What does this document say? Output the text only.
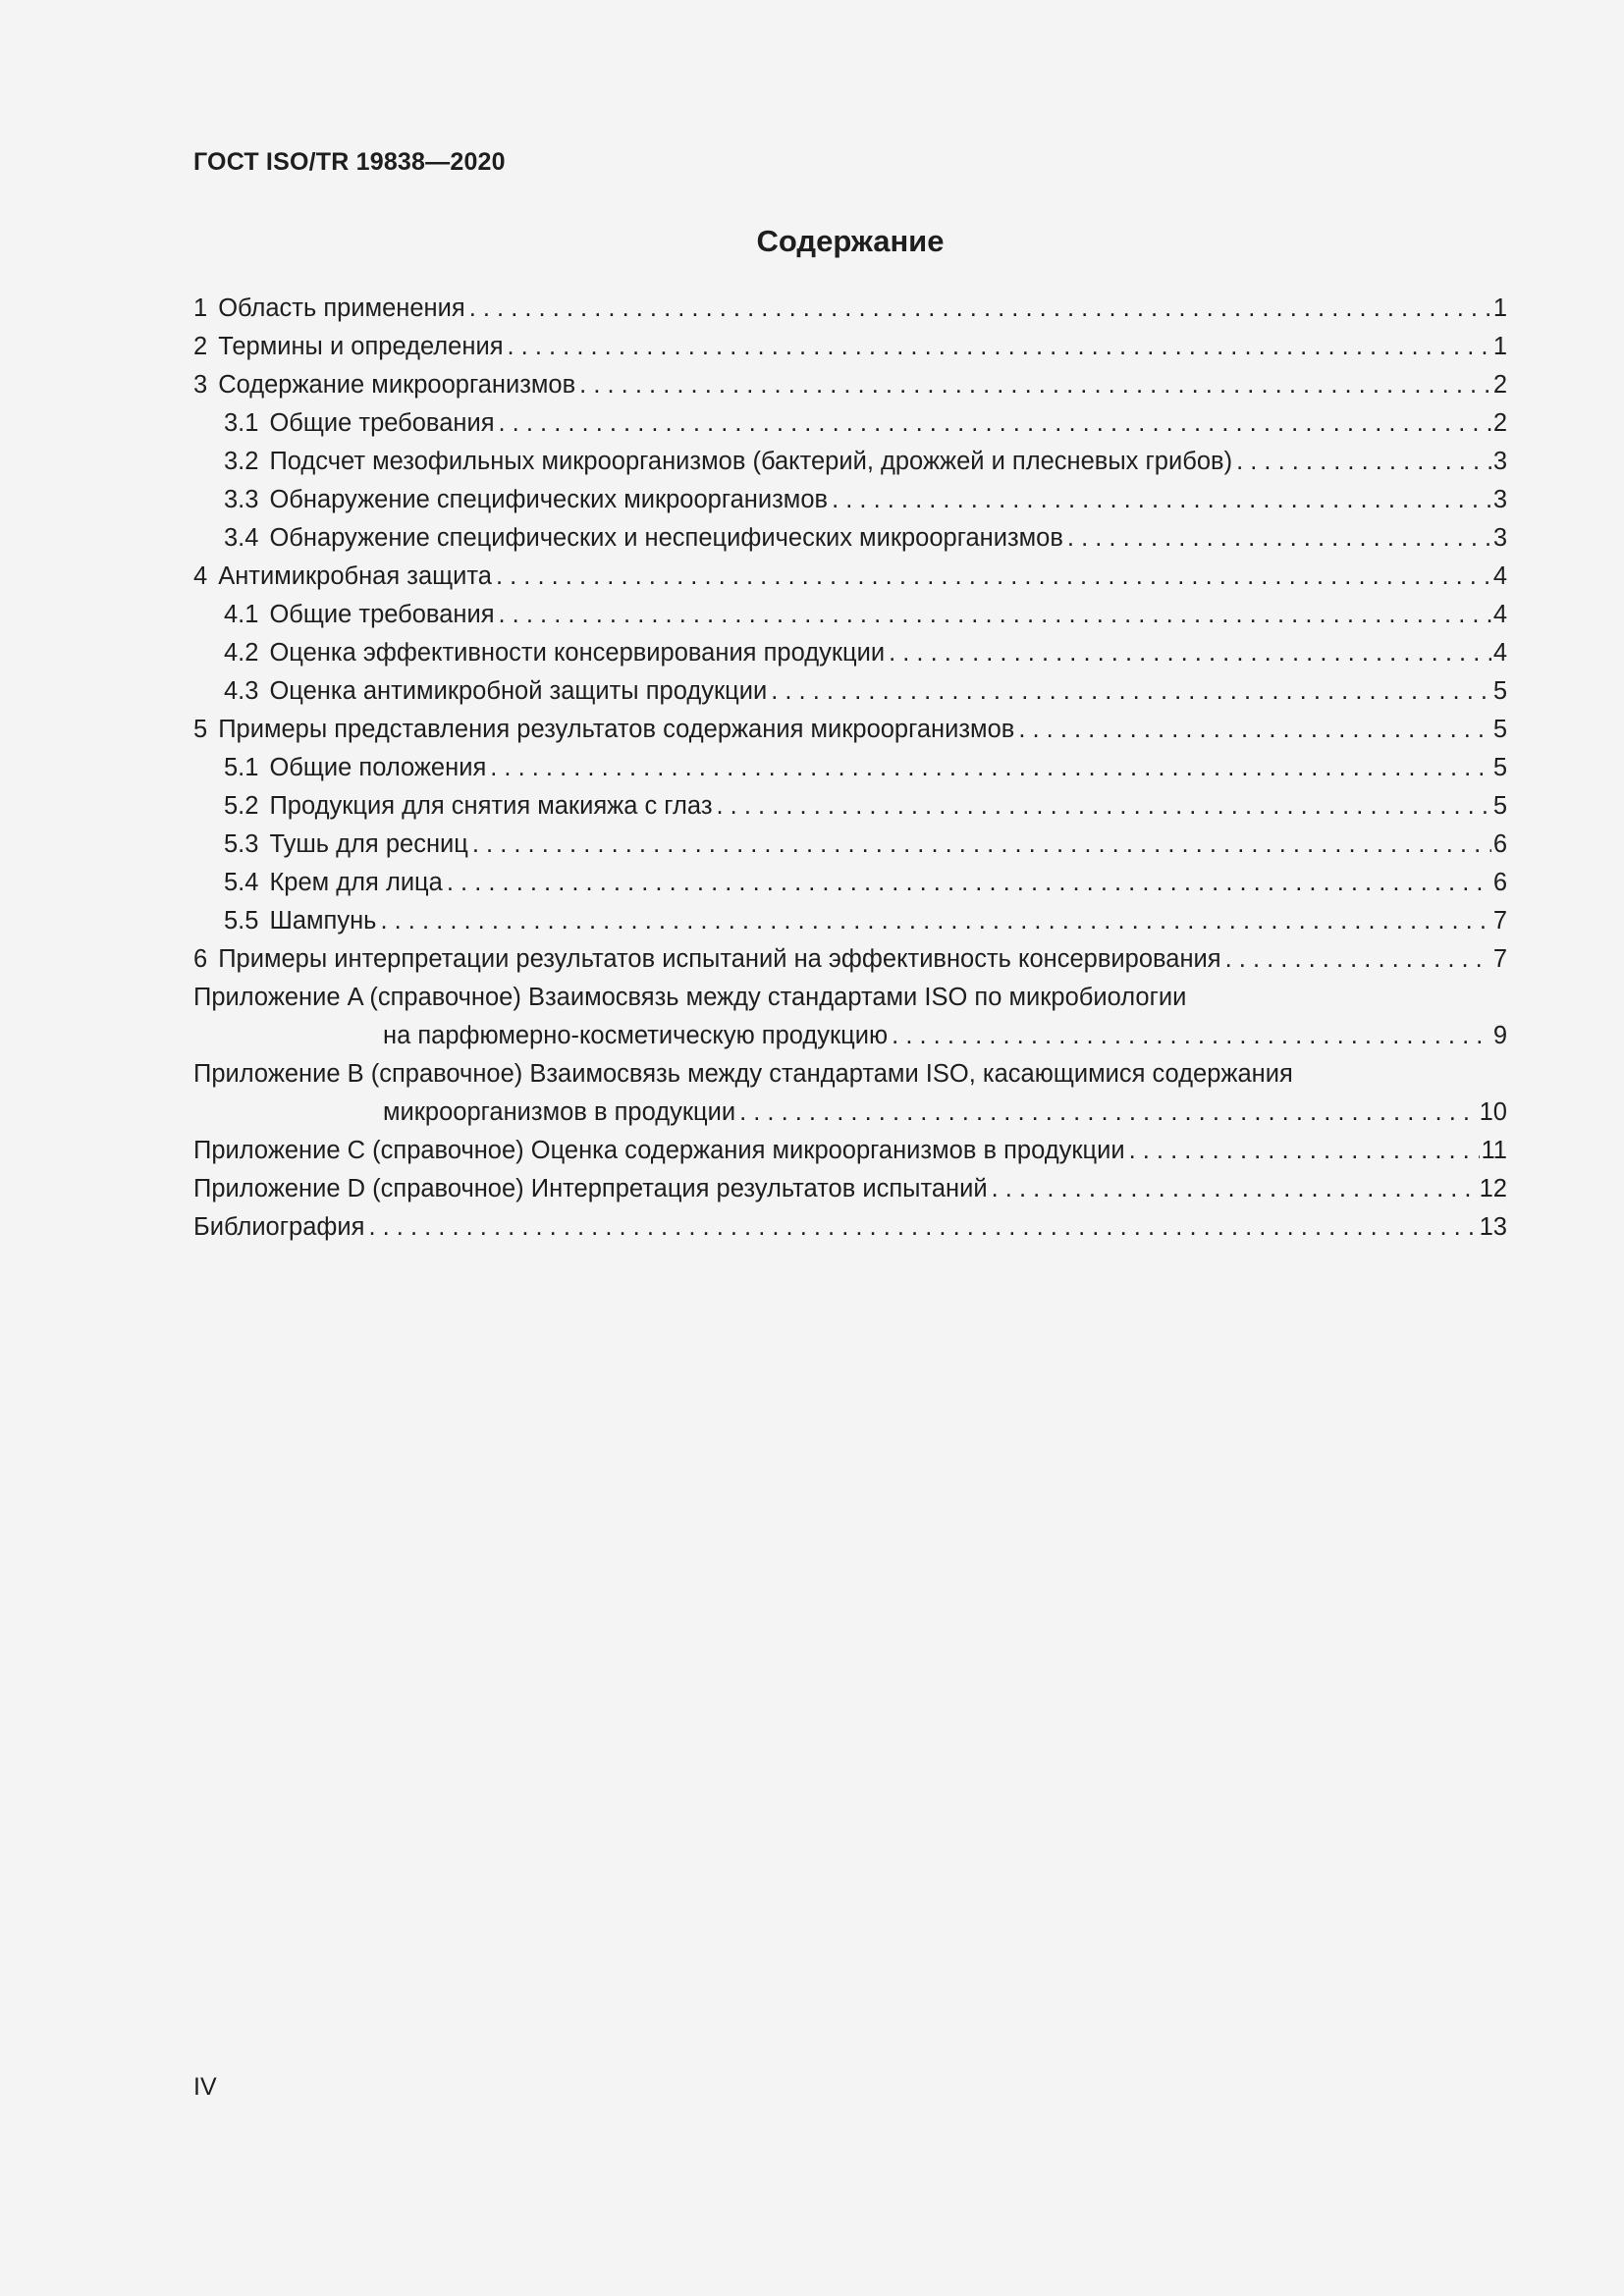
ГОСТ ISO/TR 19838—2020
Содержание
1 Область применения . . .	1
2 Термины и определения . . .	1
3 Содержание микроорганизмов . . .	2
3.1 Общие требования . . .	2
3.2 Подсчет мезофильных микроорганизмов (бактерий, дрожжей и плесневых грибов) . . .	3
3.3 Обнаружение специфических микроорганизмов . . .	3
3.4 Обнаружение специфических и неспецифических микроорганизмов . . .	3
4 Антимикробная защита . . .	4
4.1 Общие требования . . .	4
4.2 Оценка эффективности консервирования продукции . . .	4
4.3 Оценка антимикробной защиты продукции . . .	5
5 Примеры представления результатов содержания микроорганизмов . . .	5
5.1 Общие положения . . .	5
5.2 Продукция для снятия макияжа с глаз . . .	5
5.3 Тушь для ресниц . . .	6
5.4 Крем для лица . . .	6
5.5 Шампунь . . .	7
6 Примеры интерпретации результатов испытаний на эффективность консервирования . . .	7
Приложение A (справочное) Взаимосвязь между стандартами ISO по микробиологии
на парфюмерно-косметическую продукцию . . .	9
Приложение B (справочное) Взаимосвязь между стандартами ISO, касающимися содержания
микроорганизмов в продукции . . .	10
Приложение C (справочное) Оценка содержания микроорганизмов в продукции . . .	11
Приложение D (справочное) Интерпретация результатов испытаний . . .	12
Библиография . . .	13
IV
